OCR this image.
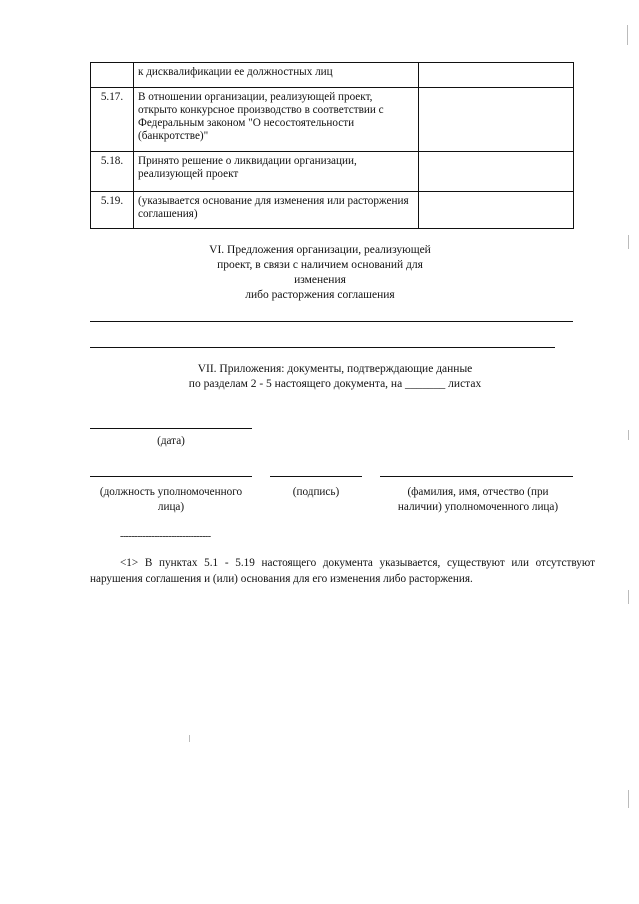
	к дисквалификации ее должностных лиц	
5.17.	В отношении организации, реализующей проект, открыто конкурсное производство в соответствии с Федеральным законом "О несостоятельности (банкротстве)"	
5.18.	Принято решение о ликвидации организации, реализующей проект	
5.19.	(указывается основание для изменения или расторжения соглашения)	
VI. Предложения организации, реализующей
проект, в связи с наличием оснований для изменения
либо расторжения соглашения
VII. Приложения: документы, подтверждающие данные
по разделам 2 - 5 настоящего документа, на _______ листах
(дата)
(должность уполномоченного
лица)
(подпись)	(фамилия, имя, отчество (при
наличии) уполномоченного лица)
--------------------------------
<1> В пунктах 5.1 - 5.19 настоящего документа указывается, существуют или отсутствуют нарушения соглашения и (или) основания для его изменения либо расторжения.
